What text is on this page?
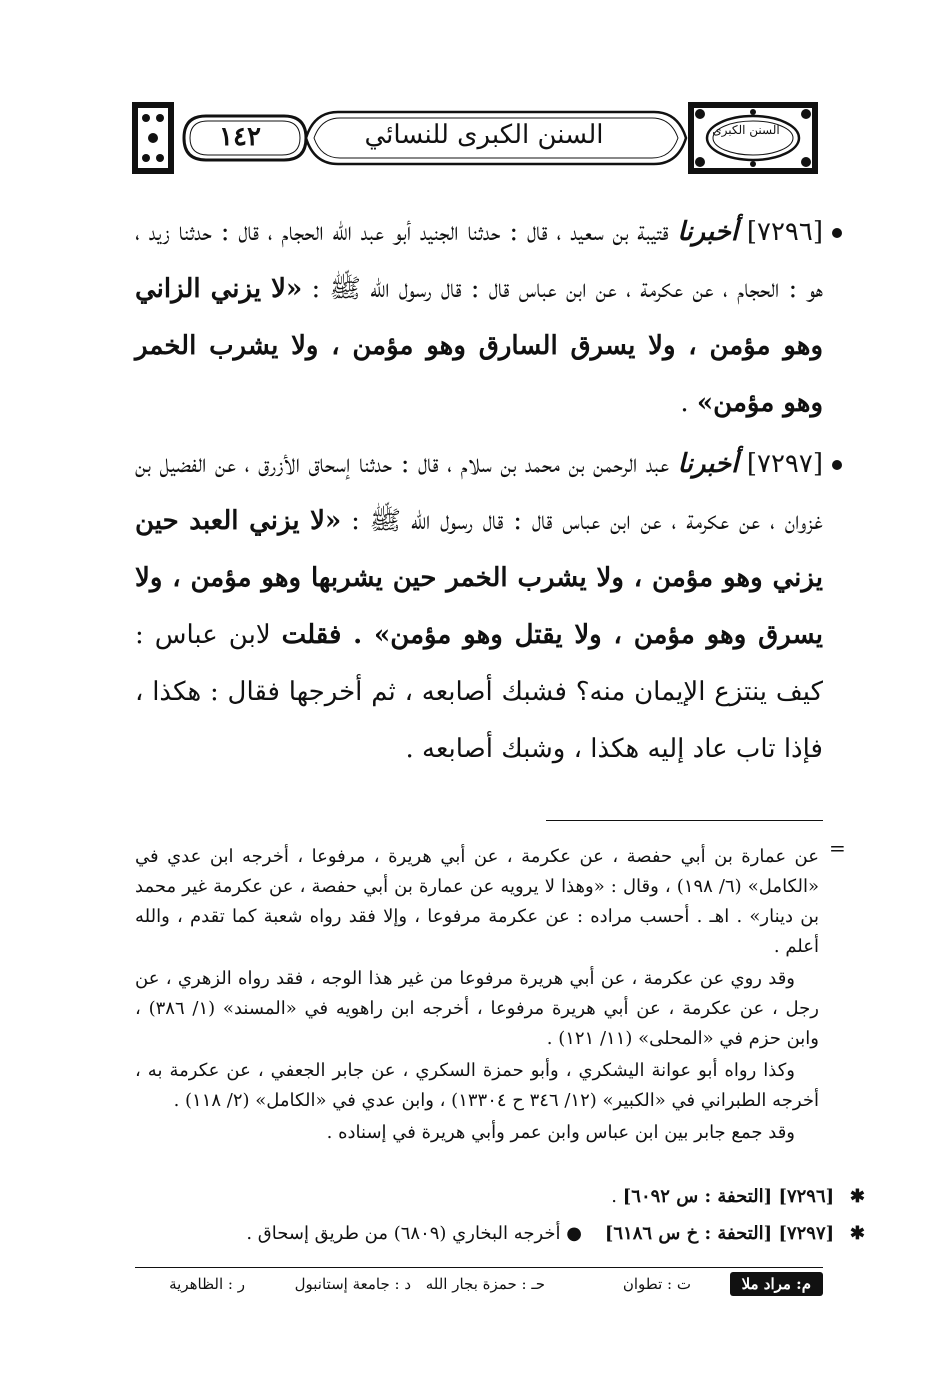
١٤٢	السنن الكبرى للنسائي	السنن الكبرى

[٧٢٩٦] أخبرنا قتيبة بن سعيد ، قال : حدثنا الجنيد أبو عبد الله الحجام ، قال : حدثنا زيد ، هو : الحجام ، عن عكرمة ، عن ابن عباس قال : قال رسول الله ﷺ : «لا يزني الزاني وهو مؤمن ، ولا يسرق السارق وهو مؤمن ، ولا يشرب الخمر وهو مؤمن» .

[٧٢٩٧] أخبرنا عبد الرحمن بن محمد بن سلام ، قال : حدثنا إسحاق الأزرق ، عن الفضيل بن غزوان ، عن عكرمة ، عن ابن عباس قال : قال رسول الله ﷺ : «لا يزني العبد حين يزني وهو مؤمن ، ولا يشرب الخمر حين يشربها وهو مؤمن ، ولا يسرق وهو مؤمن ، ولا يقتل وهو مؤمن» . فقلت لابن عباس : كيف ينتزع الإيمان منه؟ فشبك أصابعه ، ثم أخرجها فقال : هكذا ، فإذا تاب عاد إليه هكذا ، وشبك أصابعه .

=

عن عمارة بن أبي حفصة ، عن عكرمة ، عن أبي هريرة ، مرفوعا ، أخرجه ابن عدي في «الكامل» (٦/ ١٩٨) ، وقال : «وهذا لا يرويه عن عمارة بن أبي حفصة ، عن عكرمة غير محمد بن دينار» . اهـ . أحسب مراده : عن عكرمة مرفوعا ، وإلا فقد رواه شعبة كما تقدم ، والله أعلم .

وقد روي عن عكرمة ، عن أبي هريرة مرفوعا من غير هذا الوجه ، فقد رواه الزهري ، عن رجل ، عن عكرمة ، عن أبي هريرة مرفوعا ، أخرجه ابن راهويه في «المسند» (١/ ٣٨٦) ، وابن حزم في «المحلى» (١١/ ١٢١) .

وكذا رواه أبو عوانة اليشكري ، وأبو حمزة السكري ، عن جابر الجعفي ، عن عكرمة به ، أخرجه الطبراني في «الكبير» (١٢/ ٣٤٦ ح ١٣٣٠٤) ، وابن عدي في «الكامل» (٢/ ١١٨) .

وقد جمع جابر بين ابن عباس وابن عمر وأبي هريرة في إسناده .

✱ [٧٢٩٦] [التحفة : س ٦٠٩٢] .
✱ [٧٢٩٧] [التحفة : خ س ٦١٨٦]    ● أخرجه البخاري (٦٨٠٩) من طريق إسحاق .
م: مراد ملا
ت : تطوان
حـ : حمزة بجار الله
د : جامعة إستانبول
ر : الظاهرية
